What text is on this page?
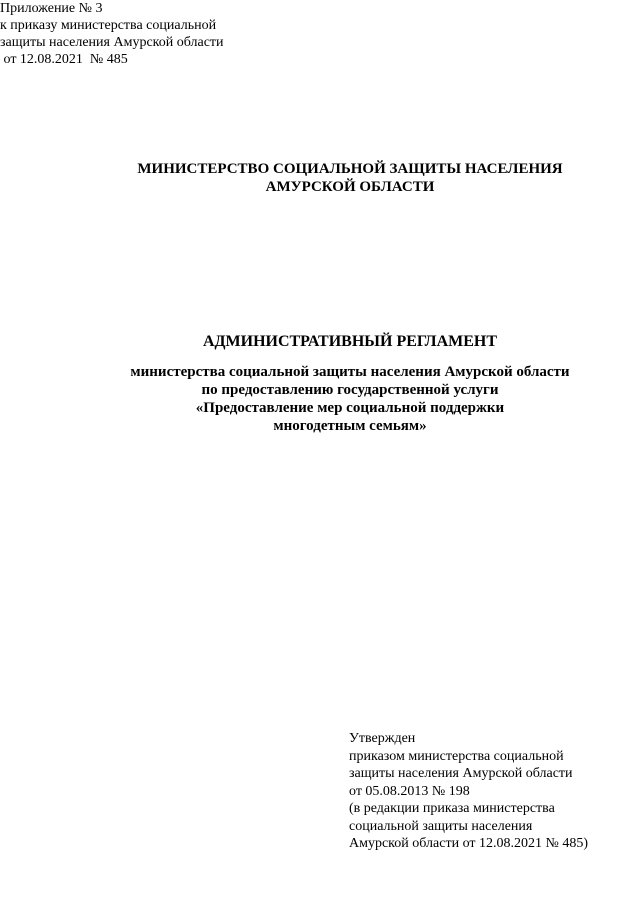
Приложение № 3
к приказу министерства социальной
защиты населения Амурской области
от 12.08.2021  № 485
МИНИСТЕРСТВО СОЦИАЛЬНОЙ ЗАЩИТЫ НАСЕЛЕНИЯ
АМУРСКОЙ ОБЛАСТИ
АДМИНИСТРАТИВНЫЙ РЕГЛАМЕНТ
министерства социальной защиты населения Амурской области
по предоставлению государственной услуги
«Предоставление мер социальной поддержки
многодетным семьям»
Утвержден
приказом министерства социальной
защиты населения Амурской области
от 05.08.2013 № 198
(в редакции приказа министерства
социальной защиты населения
Амурской области от 12.08.2021 № 485)
